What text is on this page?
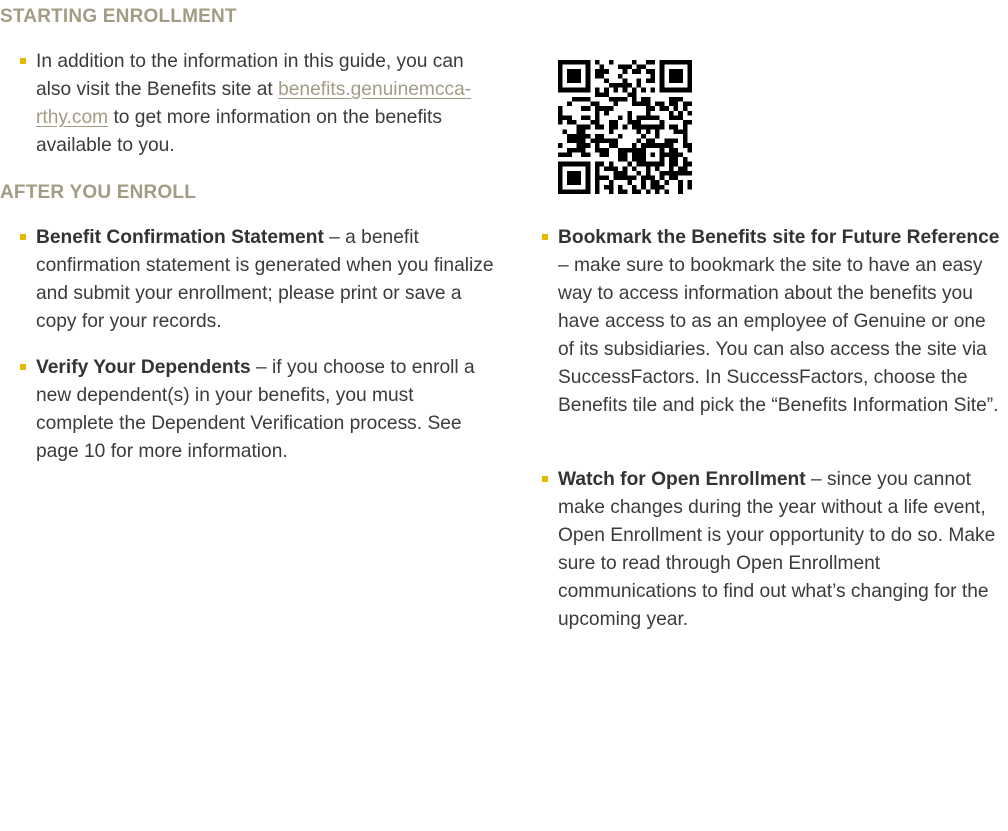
STARTING ENROLLMENT
In addition to the information in this guide, you can also visit the Benefits site at benefits.genuinemcca-
rthy.com to get more information on the benefits available to you.
AFTER YOU ENROLL
Benefit Confirmation Statement – a benefit confirmation statement is generated when you finalize and submit your enrollment; please print or save a copy for your records.
Verify Your Dependents – if you choose to enroll a new dependent(s) in your benefits, you must complete the Dependent Verification process. See page 10 for more information.
Bookmark the Benefits site for Future Reference – make sure to bookmark the site to have an easy way to access information about the benefits you have access to as an employee of Genuine or one of its subsidiaries. You can also access the site via SuccessFactors. In SuccessFactors, choose the Benefits tile and pick the “Benefits Information Site”.
Watch for Open Enrollment – since you cannot make changes during the year without a life event, Open Enrollment is your opportunity to do so. Make sure to read through Open Enrollment communications to find out what’s changing for the upcoming year.
